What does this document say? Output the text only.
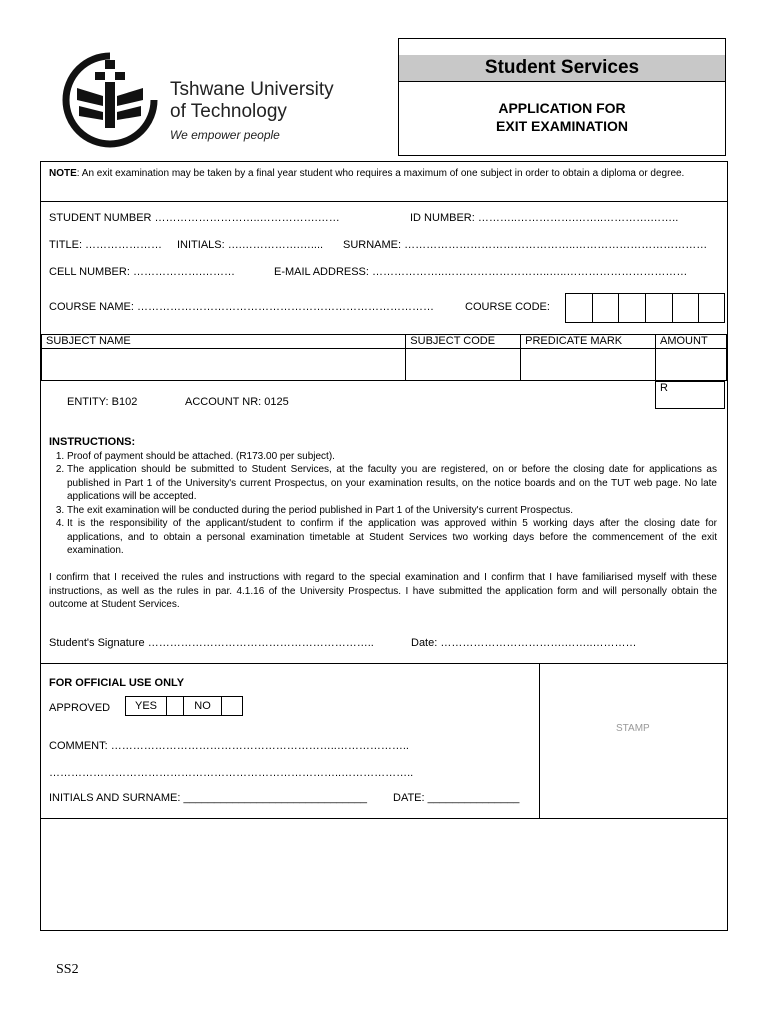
Tshwane University
of Technology
We empower people
Student Services
APPLICATION FOR
EXIT EXAMINATION
NOTE: An exit examination may be taken by a final year student who requires a maximum of one subject in order to obtain a diploma or degree.
STUDENT NUMBER ………………………..…………….……	ID NUMBER: ………..…………….……..………….……..
TITLE: ………………… INITIALS: ….…………….….... SURNAME: ………………………………………..………………………………
CELL NUMBER: ……………….………	E-MAIL ADDRESS: ………………..………………………..…..……………………………
COURSE NAME: ………………………………………………………………………	COURSE CODE:
SUBJECT NAME	SUBJECT CODE	PREDICATE MARK	AMOUNT

R
ENTITY: B102	ACCOUNT NR: 0125
INSTRUCTIONS:
1. Proof of payment should be attached. (R173.00 per subject).
2. The application should be submitted to Student Services, at the faculty you are registered, on or before the closing date for applications as published in Part 1 of the University's current Prospectus, on your examination results, on the notice boards and on the TUT web page. No late applications will be accepted.
3. The exit examination will be conducted during the period published in Part 1 of the University's current Prospectus.
4. It is the responsibility of the applicant/student to confirm if the application was approved within 5 working days after the closing date for applications, and to obtain a personal examination timetable at Student Services two working days before the commencement of the exit examination.
I confirm that I received the rules and instructions with regard to the special examination and I confirm that I have familiarised myself with these instructions, as well as the rules in par. 4.1.16 of the University Prospectus. I have submitted the application form and will personally obtain the outcome at Student Services.
Student's Signature ……………………………………………………..	Date: …………………………….……..…………
FOR OFFICIAL USE ONLY
APPROVED	YES	NO
COMMENT: ……………………………………………………..………………..
……………………………………………………………………..………………..
INITIALS AND SURNAME: ______________________________ DATE: _______________
STAMP
SS2
